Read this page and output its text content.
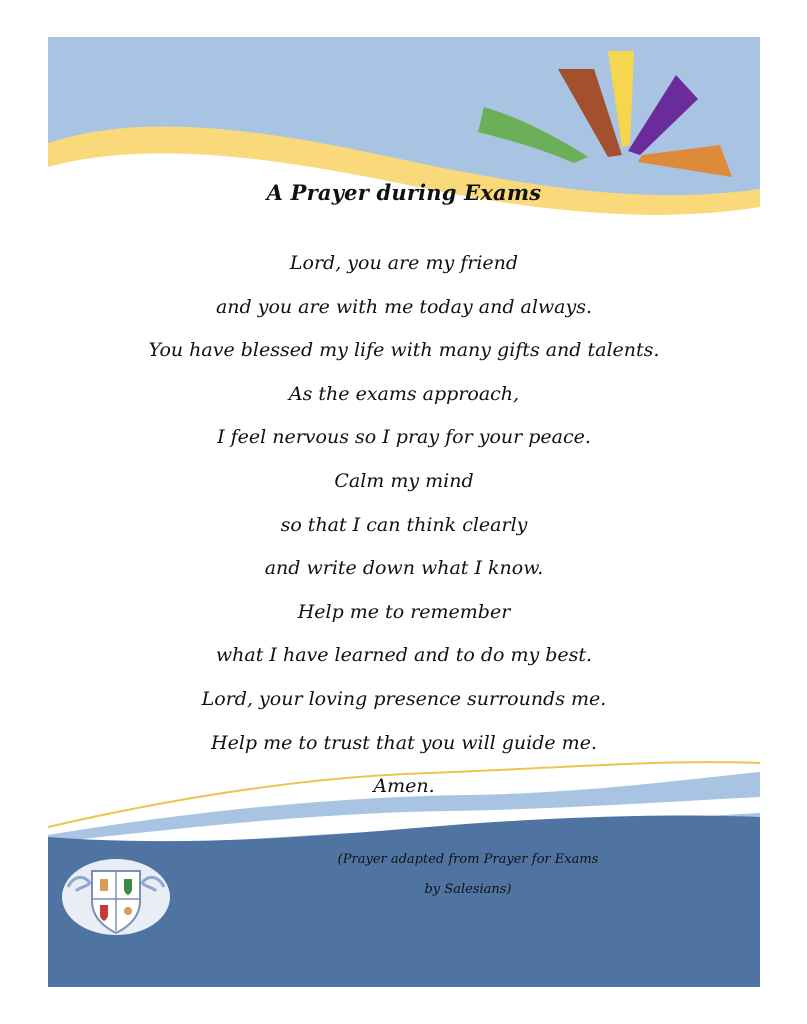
A Prayer during Exams
Lord, you are my friend
and you are with me today and always.
You have blessed my life with many gifts and talents.
As the exams approach,
I feel nervous so I pray for your peace.
Calm my mind
so that I can think clearly
and write down what I know.
Help me to remember
what I have learned and to do my best.
Lord, your loving presence surrounds me.
Help me to trust that you will guide me.
Amen.
(Prayer adapted from Prayer for Exams
by Salesians)
